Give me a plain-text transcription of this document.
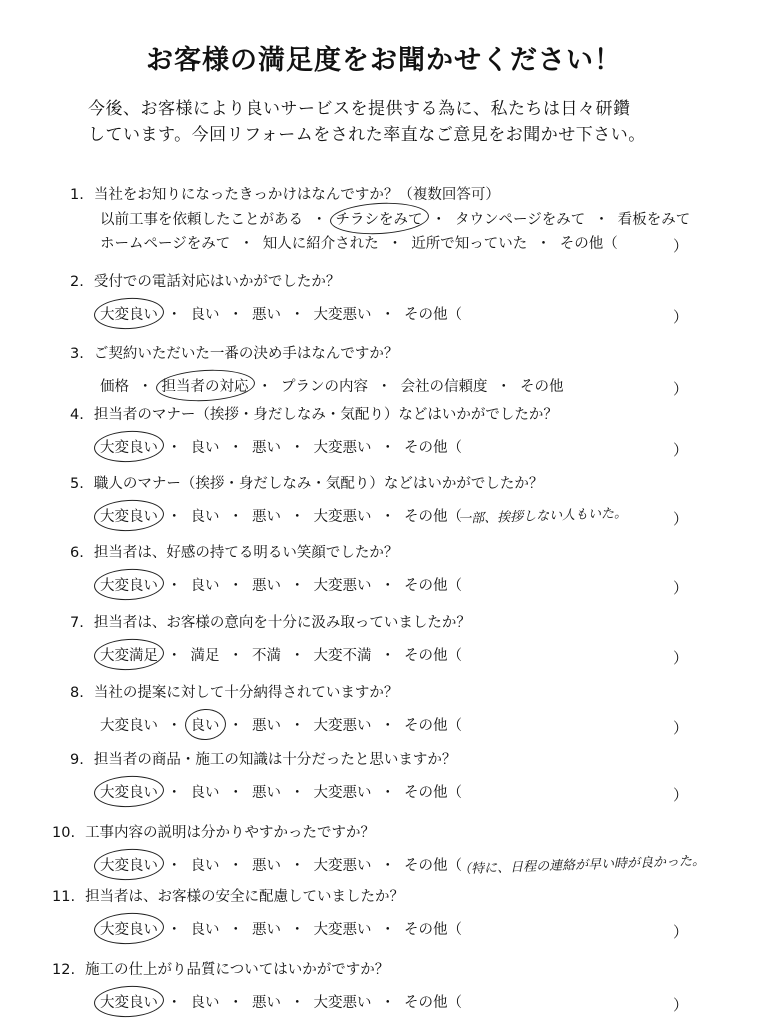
お客様の満足度をお聞かせください！
今後、お客様により良いサービスを提供する為に、私たちは日々研鑽
しています。今回リフォームをされた率直なご意見をお聞かせ下さい。
1. 当社をお知りになったきっかけはなんですか？（複数回答可）
以前工事を依頼したことがある ・ チラシをみて ・ タウンページをみて ・ 看板をみて
ホームページをみて ・ 知人に紹介された ・ 近所で知っていた ・ その他（	）
2. 受付での電話対応はいかがでしたか？
大変良い ・ 良い ・ 悪い ・ 大変悪い ・ その他（	）
3. ご契約いただいた一番の決め手はなんですか？
価格 ・ 担当者の対応 ・ プランの内容 ・ 会社の信頼度 ・ その他	）
4. 担当者のマナー（挨拶・身だしなみ・気配り）などはいかがでしたか？
大変良い ・ 良い ・ 悪い ・ 大変悪い ・ その他（	）
5. 職人のマナー（挨拶・身だしなみ・気配り）などはいかがでしたか？
大変良い ・ 良い ・ 悪い ・ 大変悪い ・ その他（	）
一部、挨拶しない人もいた。
6. 担当者は、好感の持てる明るい笑顔でしたか？
大変良い ・ 良い ・ 悪い ・ 大変悪い ・ その他（	）
7. 担当者は、お客様の意向を十分に汲み取っていましたか？
大変満足 ・ 満足 ・ 不満 ・ 大変不満 ・ その他（	）
8. 当社の提案に対して十分納得されていますか？
大変良い ・ 良い ・ 悪い ・ 大変悪い ・ その他（	）
9. 担当者の商品・施工の知識は十分だったと思いますか？
大変良い ・ 良い ・ 悪い ・ 大変悪い ・ その他（	）
10. 工事内容の説明は分かりやすかったですか？
大変良い ・ 良い ・ 悪い ・ 大変悪い ・ その他（
（特に、日程の連絡が早い時が良かった。
11. 担当者は、お客様の安全に配慮していましたか？
大変良い ・ 良い ・ 悪い ・ 大変悪い ・ その他（	）
12. 施工の仕上がり品質についてはいかがですか？
大変良い ・ 良い ・ 悪い ・ 大変悪い ・ その他（	）
